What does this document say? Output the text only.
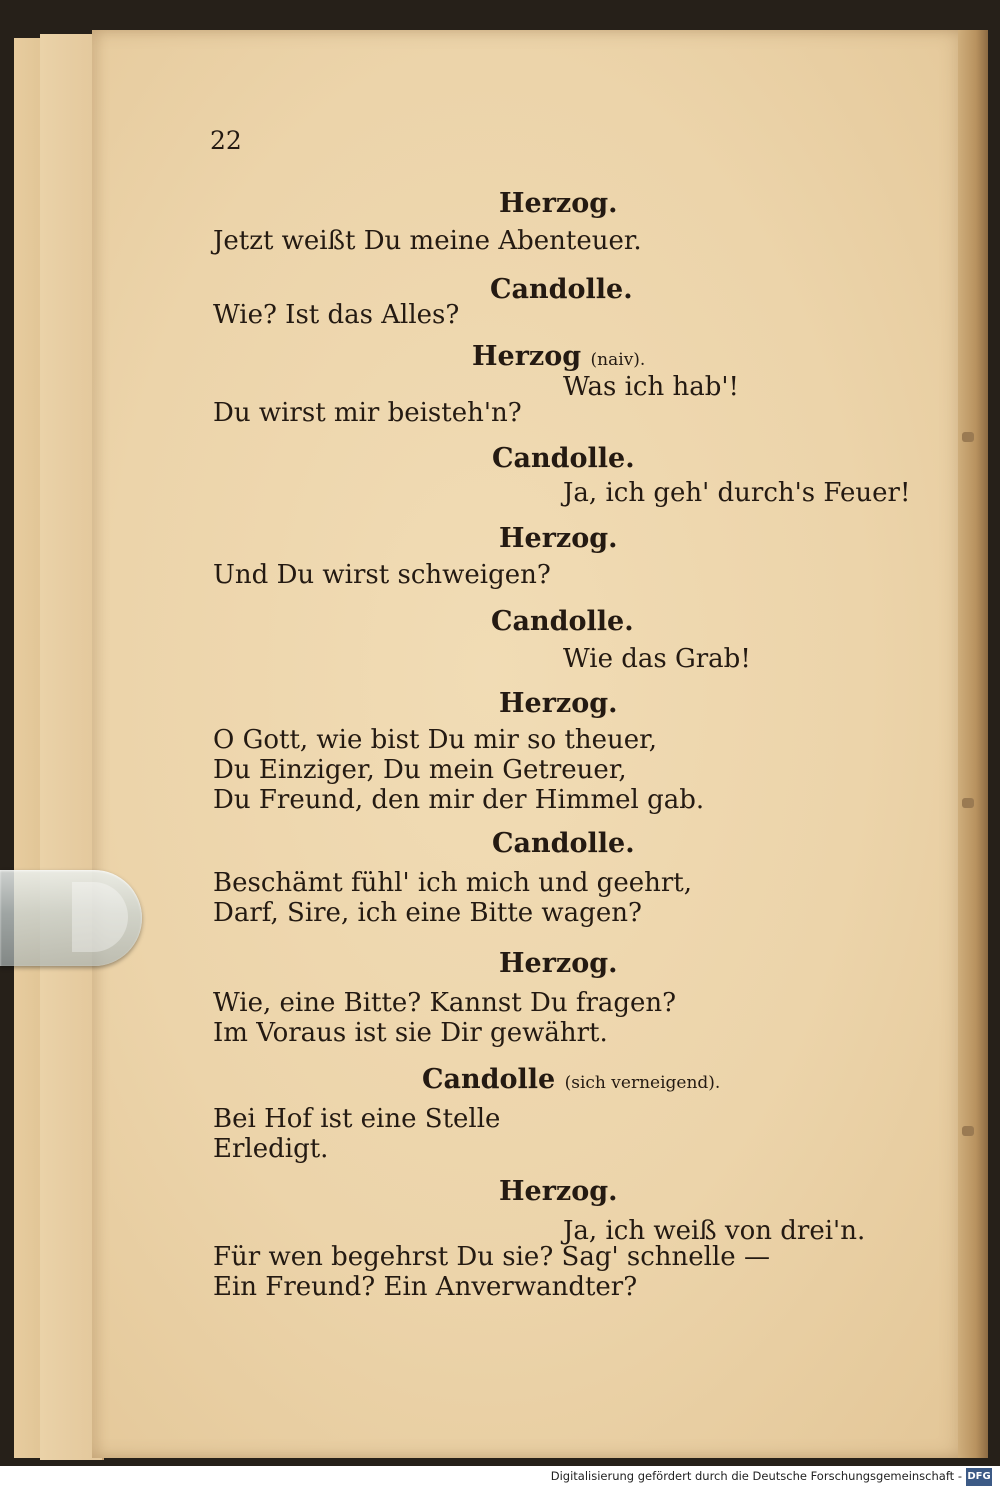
22
Herzog.
Jetzt weißt Du meine Abenteuer.
Candolle.
Wie? Ist das Alles?
Herzog (naiv).
Was ich hab'!
Du wirst mir beisteh'n?
Candolle.
Ja, ich geh' durch's Feuer!
Herzog.
Und Du wirst schweigen?
Candolle.
Wie das Grab!
Herzog.
O Gott, wie bist Du mir so theuer,
Du Einziger, Du mein Getreuer,
Du Freund, den mir der Himmel gab.
Candolle.
Beschämt fühl' ich mich und geehrt,
Darf, Sire, ich eine Bitte wagen?
Herzog.
Wie, eine Bitte? Kannst Du fragen?
Im Voraus ist sie Dir gewährt.
Candolle (sich verneigend).
Bei Hof ist eine Stelle
Erledigt.
Herzog.
Ja, ich weiß von drei'n.
Für wen begehrst Du sie? Sag' schnelle —
Ein Freund? Ein Anverwandter?
Digitalisierung gefördert durch die Deutsche Forschungsgemeinschaft - DFG
